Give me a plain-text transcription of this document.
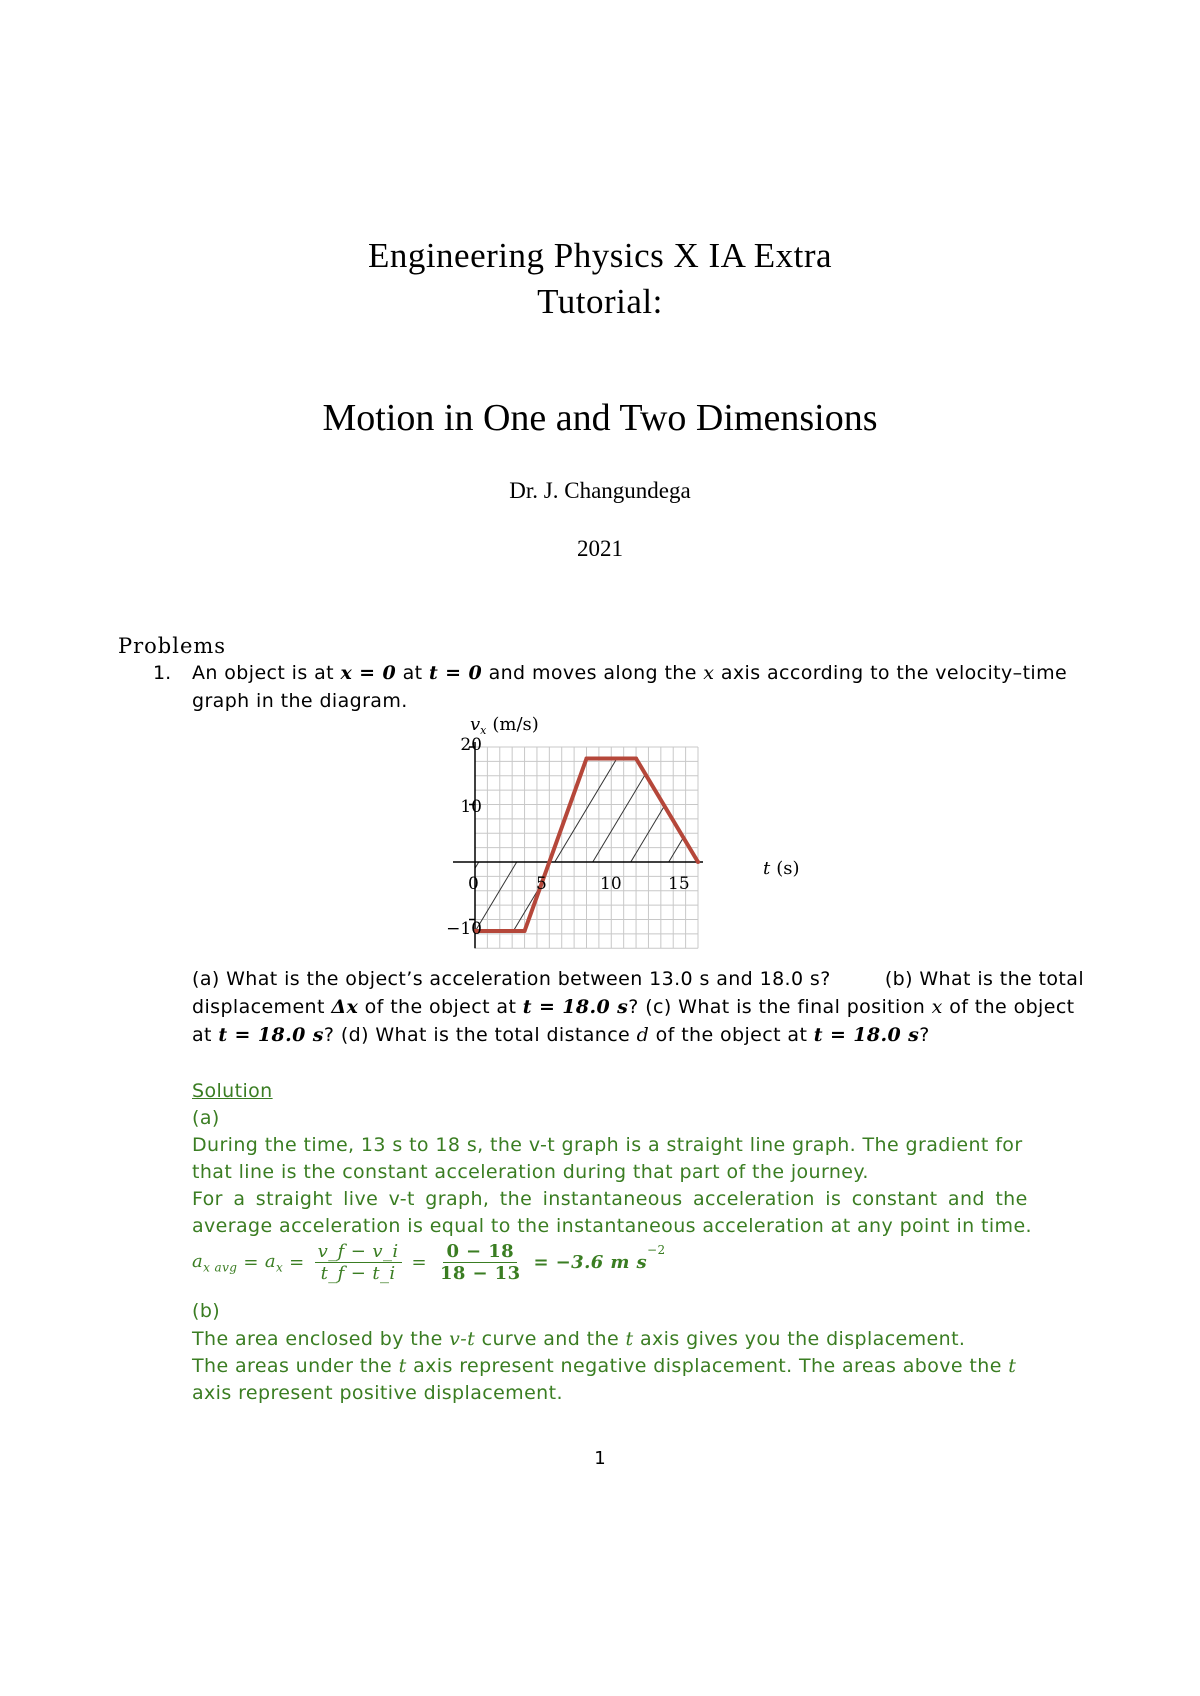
Engineering Physics X IA Extra
Tutorial:
Motion in One and Two Dimensions
Dr. J. Changundega
2021
Problems
1. An object is at x = 0 at t = 0 and moves along the x axis according to the velocity–time
graph in the diagram.
20
10
−10
0	5	10	15
$v_x$ (m/s)
t (s)
(a) What is the object’s acceleration between 13.0 s and 18.0 s?	(b) What is the total
displacement Δx of the object at t = 18.0 s? (c) What is the final position x of the object
at t = 18.0 s? (d) What is the total distance d of the object at t = 18.0 s?
Solution
(a)
During the time, 13 s to 18 s, the v-t graph is a straight line graph. The gradient for
that line is the constant acceleration during that part of the journey.
For a straight live v-t graph, the instantaneous acceleration is constant and the
average acceleration is equal to the instantaneous acceleration at any point in time.
$a_{x avg} = a_x = \frac{v\_f - v\_i}{t\_f - t\_i} = \frac{0 - 18}{18 - 13} = -3.6$ m s
$^{-2}$
(b)
The area enclosed by the v-t curve and the t axis gives you the displacement.
The areas under the t axis represent negative displacement. The areas above the t
axis represent positive displacement.
1
